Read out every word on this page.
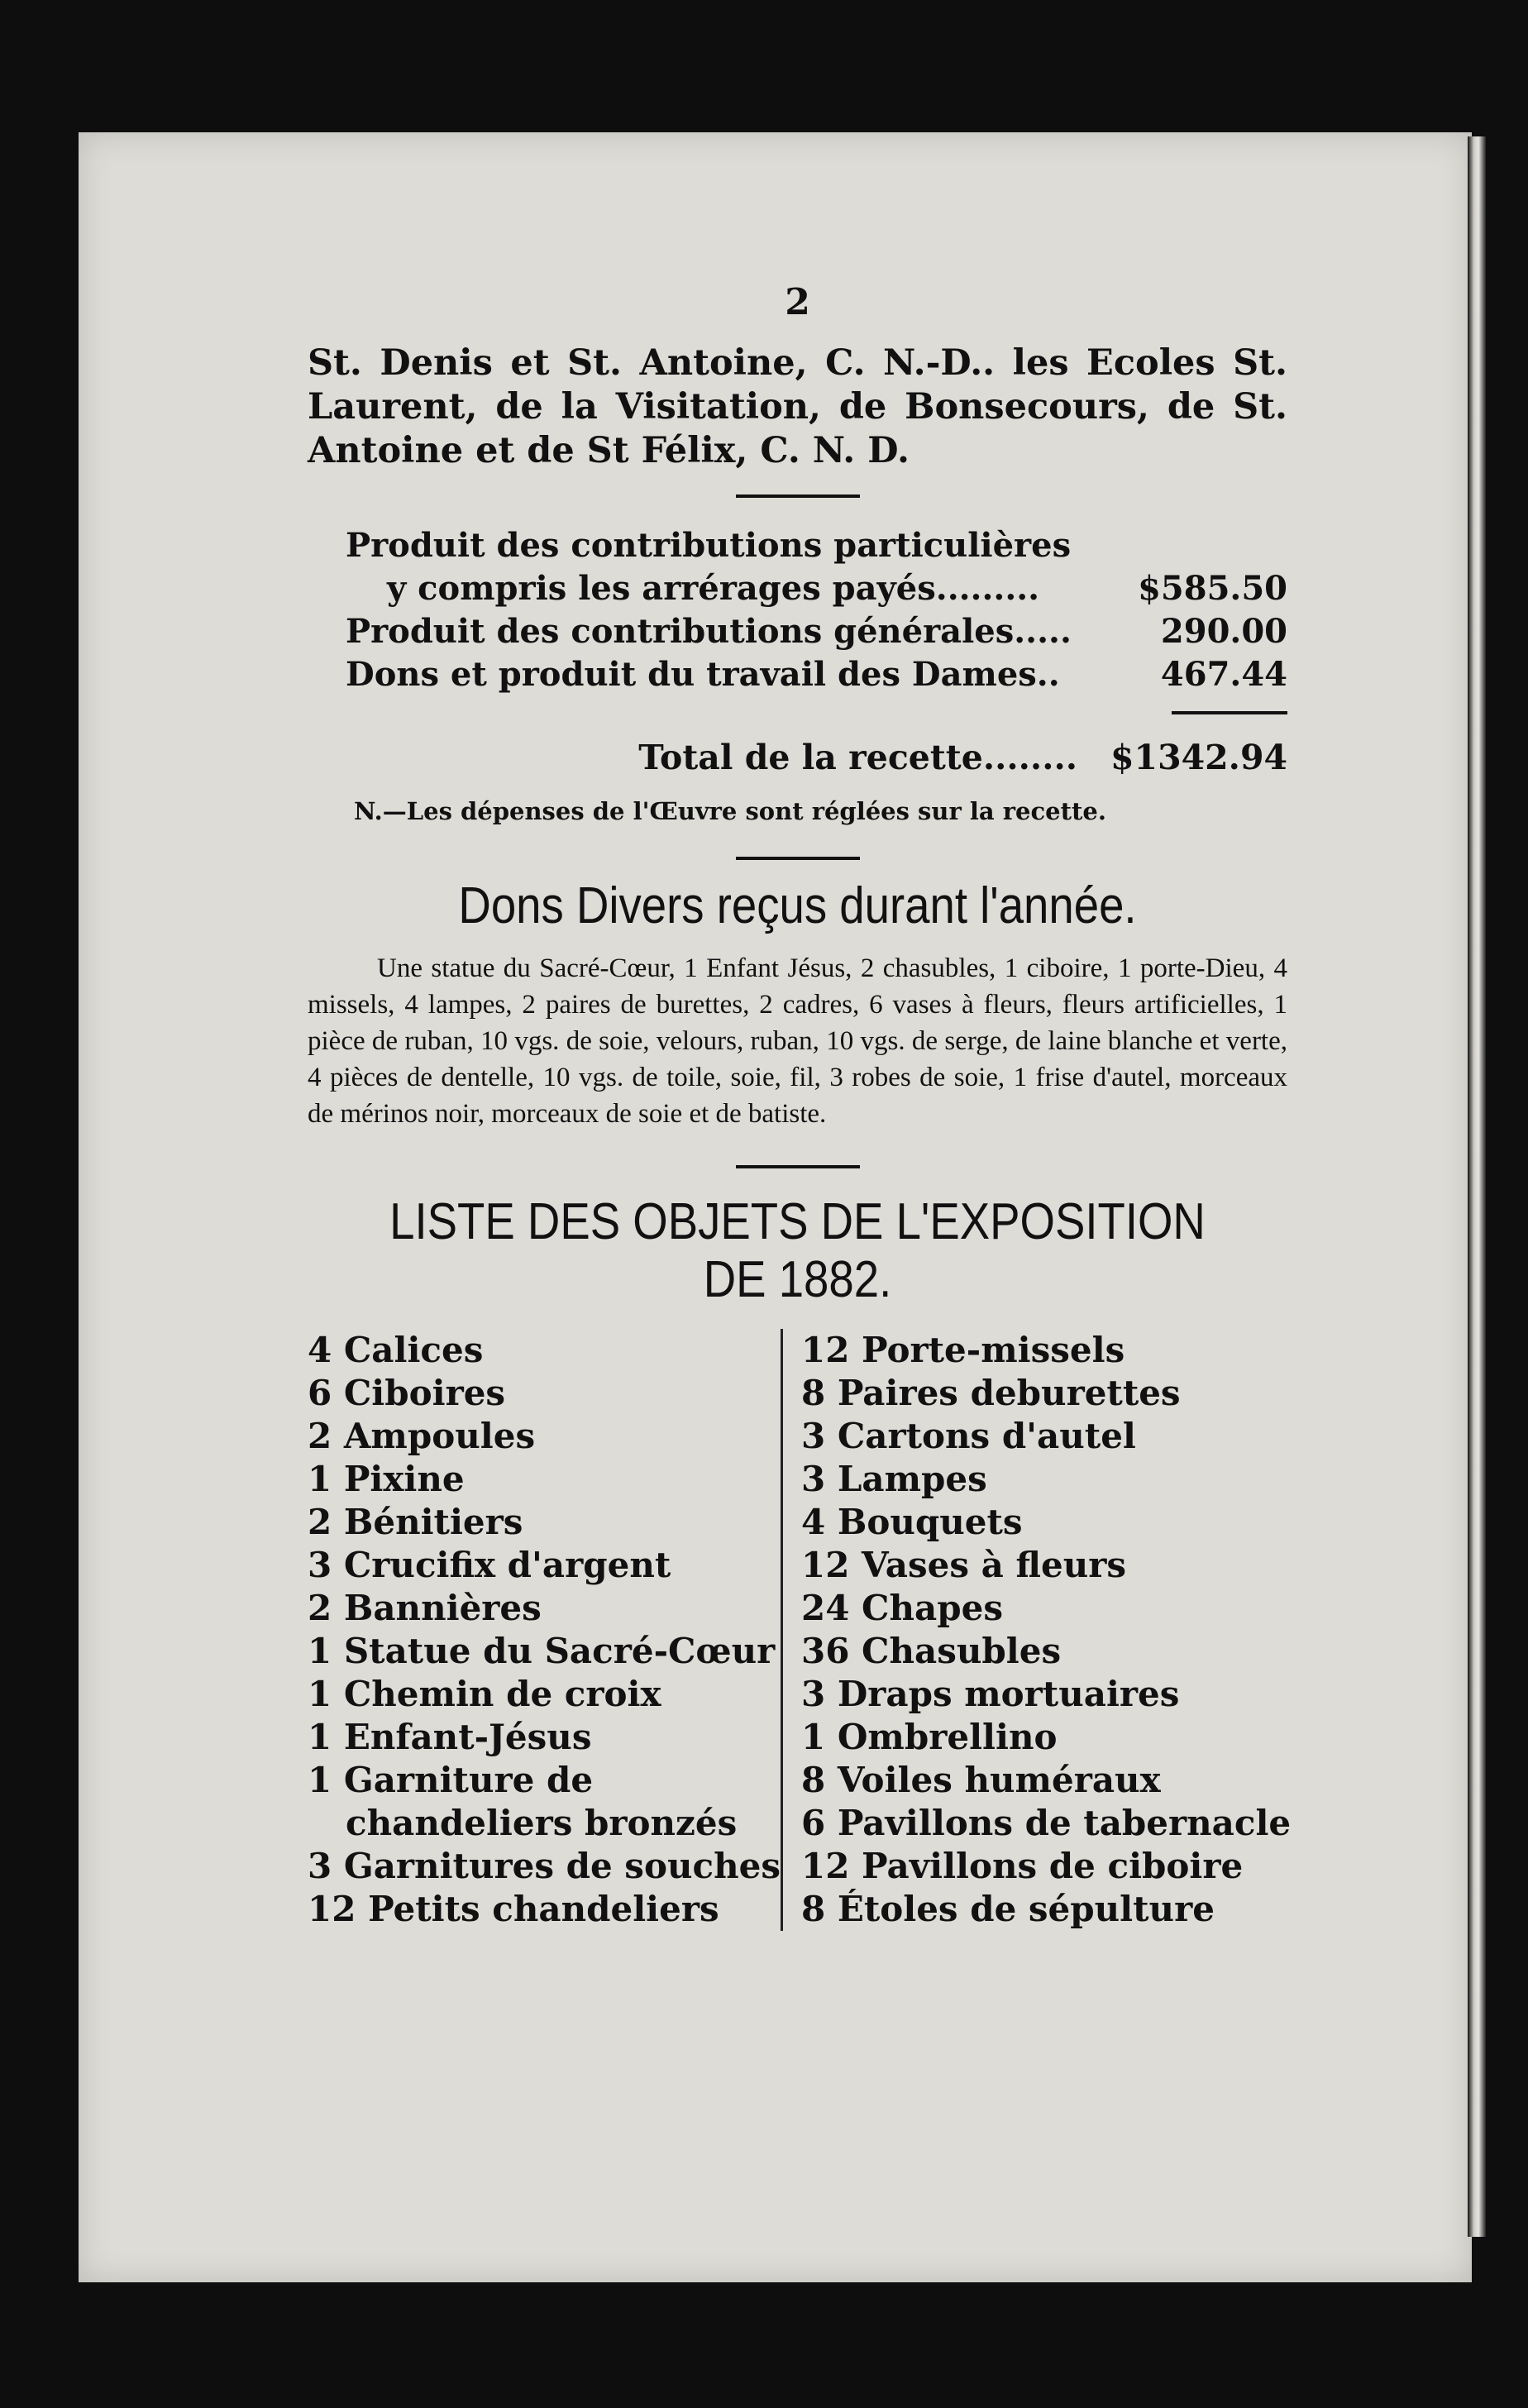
2
St. Denis et St. Antoine, C. N.-D.. les Ecoles St. Laurent, de la Visitation, de Bonsecours, de St. Antoine et de St Félix, C. N. D.
Produit des contributions particulières
y compris les arrérages payés.........	$585.50
Produit des contributions générales.....	290.00
Dons et produit du travail des Dames..	467.44
Total de la recette........ $1342.94
N.—Les dépenses de l'Œuvre sont réglées sur la recette.
Dons Divers reçus durant l'année.
Une statue du Sacré-Cœur, 1 Enfant Jésus, 2 chasubles, 1 ciboire, 1 porte-Dieu, 4 missels, 4 lampes, 2 paires de burettes, 2 cadres, 6 vases à fleurs, fleurs artificielles, 1 pièce de ruban, 10 vgs. de soie, velours, ruban, 10 vgs. de serge, de laine blanche et verte, 4 pièces de dentelle, 10 vgs. de toile, soie, fil, 3 robes de soie, 1 frise d'autel, morceaux de mérinos noir, morceaux de soie et de batiste.
LISTE DES OBJETS DE L'EXPOSITION
DE 1882.
4 Calices
6 Ciboires
2 Ampoules
1 Pixine
2 Bénitiers
3 Crucifix d'argent
2 Bannières
1 Statue du Sacré-Cœur
1 Chemin de croix
1 Enfant-Jésus
1 Garniture de chandeliers bronzés
3 Garnitures de souches
12 Petits chandeliers
12 Porte-missels
8 Paires deburettes
3 Cartons d'autel
3 Lampes
4 Bouquets
12 Vases à fleurs
24 Chapes
36 Chasubles
3 Draps mortuaires
1 Ombrellino
8 Voiles huméraux
6 Pavillons de tabernacle
12 Pavillons de ciboire
8 Étoles de sépulture
